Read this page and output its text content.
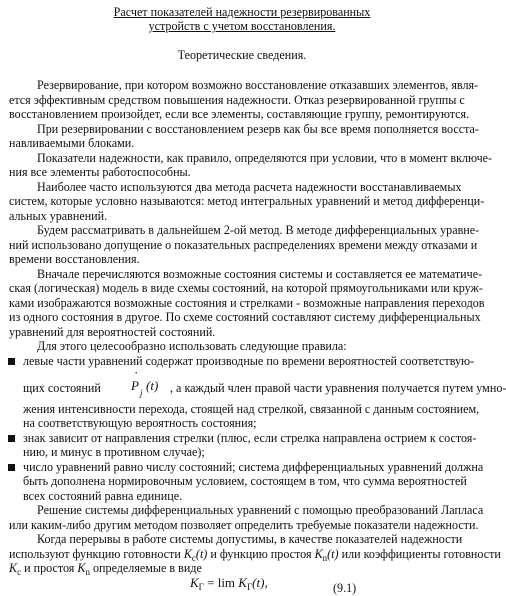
Расчет показателей надежности резервированных
устройств с учетом восстановления.
Теоретические сведения.
Резервирование, при котором возможно восстановление отказавших элементов, явля-
ется эффективным средством повышения надежности. Отказ резервированной группы с
восстановлением произойдет, если все элементы, составляющие группу, ремонтируются.
При резервировании с восстановлением резерв как бы все время пополняется восста-
навливаемыми блоками.
Показатели надежности, как правило, определяются при условии, что в момент включе-
ния все элементы работоспособны.
Наиболее часто используются два метода расчета надежности восстанавливаемых
систем, которые условно называются: метод интегральных уравнений и метод дифференци-
альных уравнений.
Будем рассматривать в дальнейшем 2-ой метод. В методе дифференциальных уравне-
ний использовано допущение о показательных распределениях времени между отказами и
времени восстановления.
Вначале перечисляются возможные состояния системы и составляется ее математиче-
ская (логическая) модель в виде схемы состояний, на которой прямоугольниками или круж-
ками изображаются возможные состояния и стрелками - возможные направления переходов
из одного состояния в другое. По схеме состояний составляют систему дифференциальных
уравнений для вероятностей состояний.
Для этого целесообразно использовать следующие правила:
левые части уравнений содержат производные по времени вероятностей соответствую-
щих состояний
·
P j (t) , а каждый член правой части уравнения получается путем умно-
жения интенсивности перехода, стоящей над стрелкой, связанной с данным состоянием,
на соответствующую вероятность состояния;
знак зависит от направления стрелки (плюс, если стрелка направлена острием к состоя-
нию, и минус в противном случае);
число уравнений равно числу состояний; система дифференциальных уравнений должна
быть дополнена нормировочным условием, состоящем в том, что сумма вероятностей
всех состояний равна единице.
Решение системы дифференциальных уравнений с помощью преобразований Лапласа
или каким-либо другим методом позволяет определить требуемые показатели надежности.
Когда перерывы в работе системы допустимы, в качестве показателей надежности
используют функцию готовности $K_c(t)$ и функцию простоя $K_n(t)$ или коэффициенты готовности
$K_c$ и простоя $K_n$ определяемые в виде
$K_Г = \lim K_Г(t)$,	(9.1)
